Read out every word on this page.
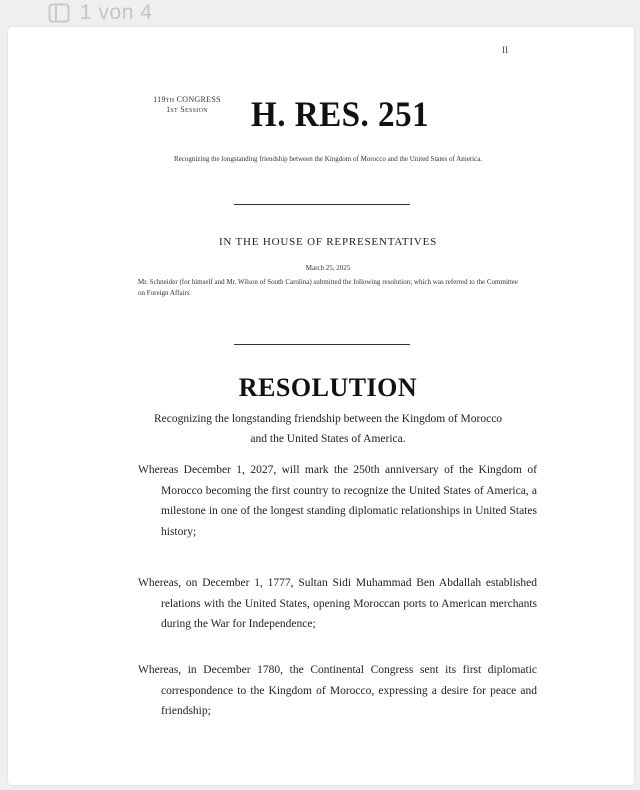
1 von 4
II
119th CONGRESS
1st Session	H. RES. 251
Recognizing the longstanding friendship between the Kingdom of Morocco and the United States of America.
IN THE HOUSE OF REPRESENTATIVES
March 25, 2025
Mr. Schneider (for himself and Mr. Wilson of South Carolina) submitted the following resolution; which was referred to the Committee on Foreign Affairs
RESOLUTION
Recognizing the longstanding friendship between the Kingdom of Morocco and the United States of America.
Whereas December 1, 2027, will mark the 250th anniversary of the Kingdom of Morocco becoming the first country to recognize the United States of America, a milestone in one of the longest standing diplomatic relationships in United States history;
Whereas, on December 1, 1777, Sultan Sidi Muhammad Ben Abdallah established relations with the United States, opening Moroccan ports to American merchants during the War for Independence;
Whereas, in December 1780, the Continental Congress sent its first diplomatic correspondence to the Kingdom of Morocco, expressing a desire for peace and friendship;
